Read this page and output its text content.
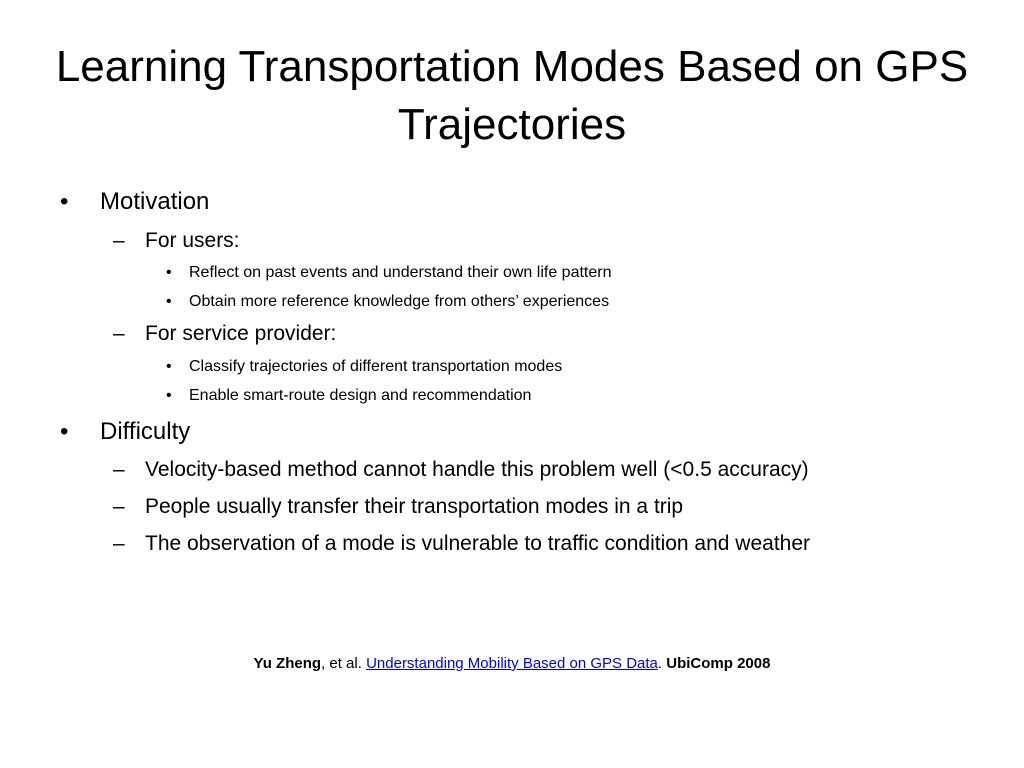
Learning Transportation Modes Based on GPS Trajectories
• Motivation
– For users:
• Reflect on past events and understand their own life pattern
• Obtain more reference knowledge from others’ experiences
– For service provider:
• Classify trajectories of different transportation modes
• Enable smart-route design and recommendation
• Difficulty
– Velocity-based method cannot handle this problem well (<0.5 accuracy)
– People usually transfer their transportation modes in a trip
– The observation of a mode is vulnerable to traffic condition and weather
Yu Zheng, et al. Understanding Mobility Based on GPS Data. UbiComp 2008
